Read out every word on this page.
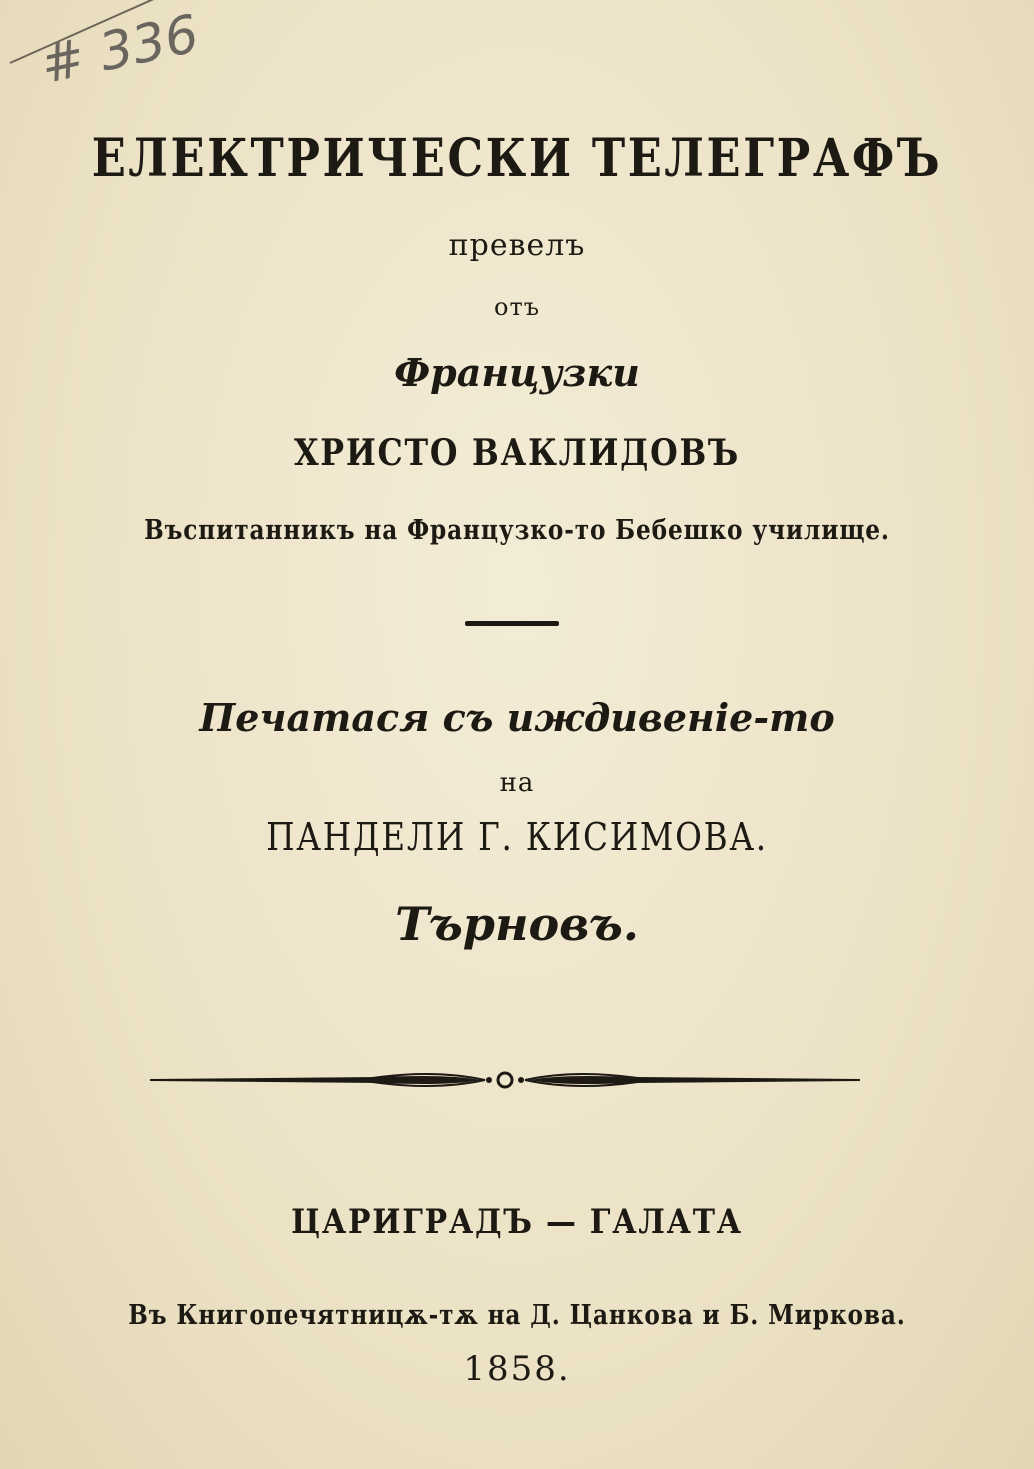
# 336
ЕЛЕКТРИЧЕСКИ ТЕЛЕГРАФЪ
превелъ
отъ
Французки
ХРИСТО ВАКЛИДОВЪ
Въспитанникъ на Французко-то Бебешко училище.
Печатася съ иждивеніе-то
на
ПАНДЕЛИ Г. КИСИМОВА.
Търновъ.
ЦАРИГРАДЪ — ГАЛАТА
Въ Книгопечятницѫ-тѫ на Д. Цанкова и Б. Миркова.
1858.
